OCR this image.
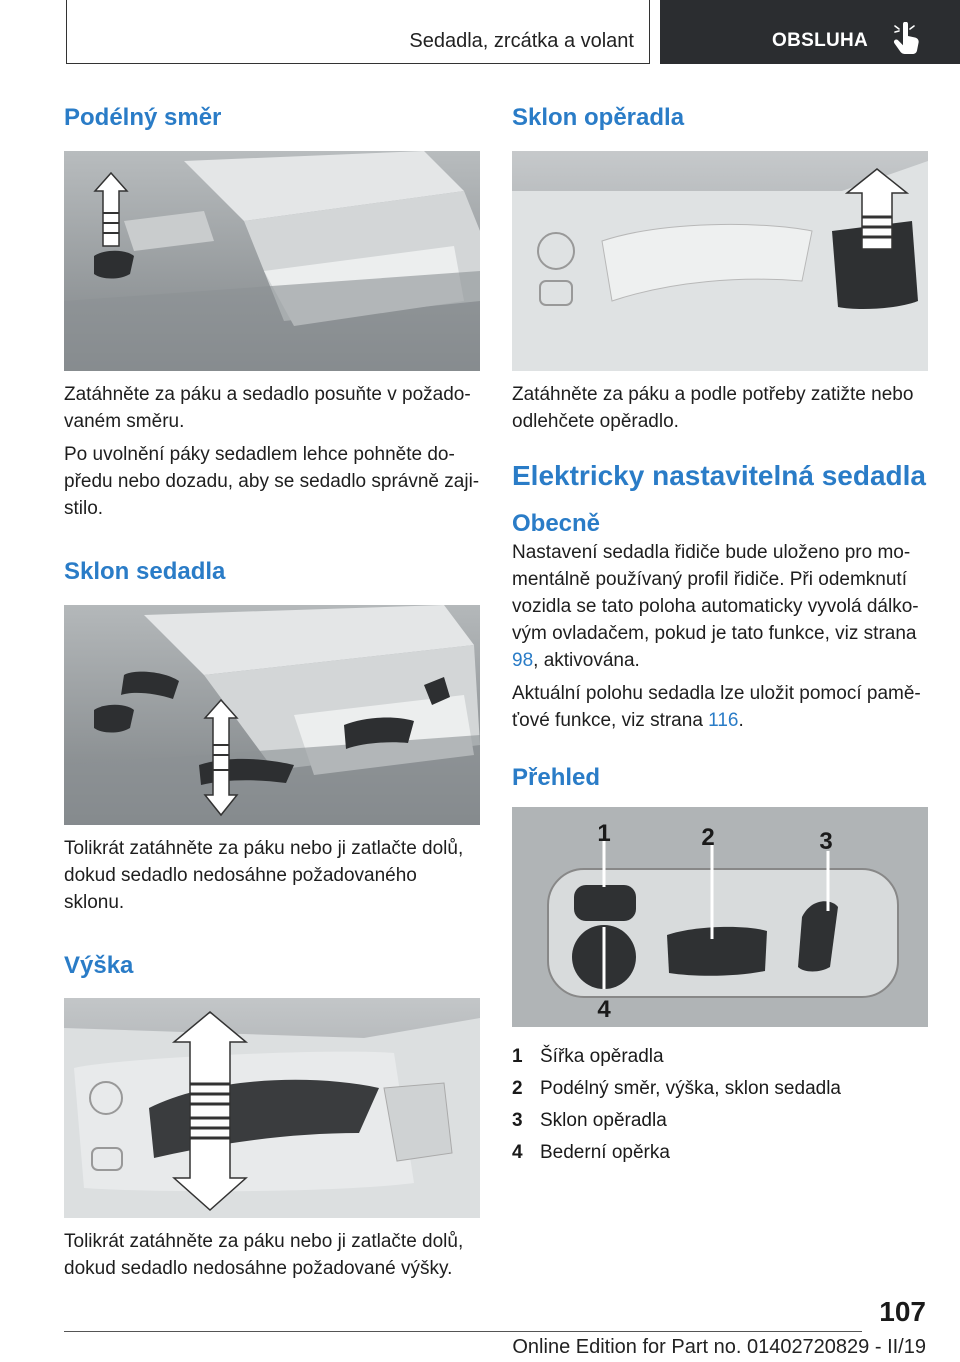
Sedadla, zrcátka a volant	OBSLUHA
Podélný směr

Zatáhněte za páku a sedadlo posuňte v požado-vaném směru.

Po uvolnění páky sedadlem lehce pohněte do-předu nebo dozadu, aby se sedadlo správně zaji-stilo.

Sklon sedadla

Tolikrát zatáhněte za páku nebo ji zatlačte dolů, dokud sedadlo nedosáhne požadovaného sklonu.

Výška

Tolikrát zatáhněte za páku nebo ji zatlačte dolů, dokud sedadlo nedosáhne požadované výšky.

Sklon opěradla

Zatáhněte za páku a podle potřeby zatižte nebo odlehčete opěradlo.

Elektricky nastavitelná sedadla
Obecně

Nastavení sedadla řidiče bude uloženo pro mo-mentálně používaný profil řidiče. Při odemknutí vozidla se tato poloha automaticky vyvolá dálko-vým ovladačem, pokud je tato funkce, viz strana 98, aktivována.

Aktuální polohu sedadla lze uložit pomocí pamě-ťové funkce, viz strana 116.

Přehled
1	2	3
4
1 Šířka opěradla
2 Podélný směr, výška, sklon sedadla
3 Sklon opěradla
4 Bederní opěrka
107
Online Edition for Part no. 01402720829 - II/19
